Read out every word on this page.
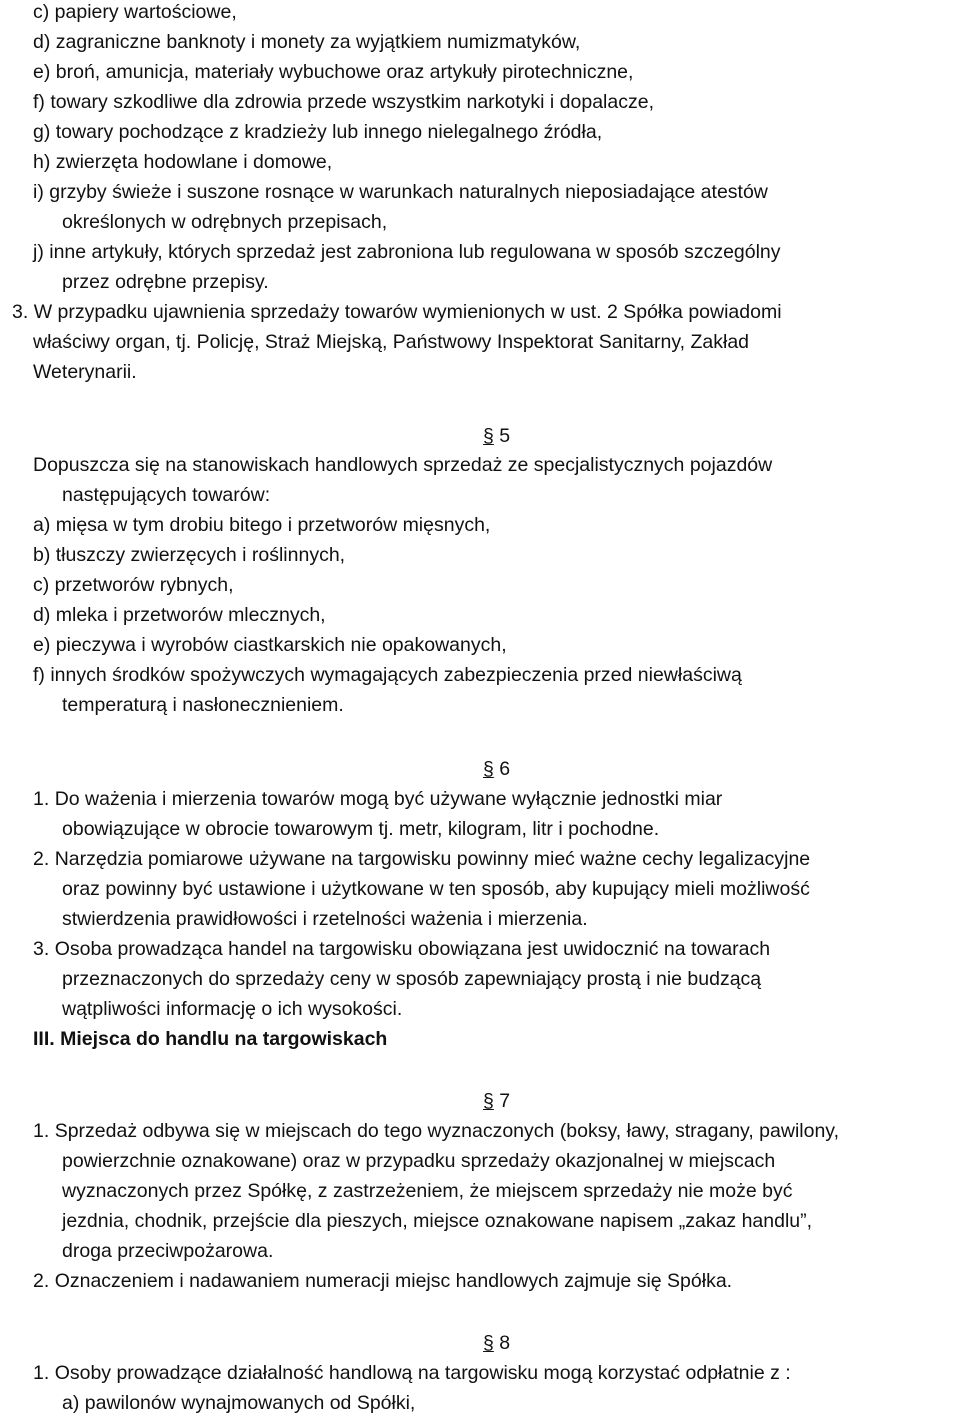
c) papiery wartościowe,
d) zagraniczne banknoty i monety za wyjątkiem numizmatyków,
e) broń, amunicja, materiały wybuchowe oraz artykuły pirotechniczne,
f) towary szkodliwe dla zdrowia przede wszystkim narkotyki i dopalacze,
g) towary pochodzące z kradzieży lub innego nielegalnego źródła,
h) zwierzęta hodowlane i domowe,
i) grzyby świeże i suszone rosnące w warunkach naturalnych nieposiadające atestów
określonych w odrębnych przepisach,
j) inne artykuły, których sprzedaż jest zabroniona lub regulowana w sposób szczególny
przez odrębne przepisy.
3. W przypadku ujawnienia sprzedaży towarów wymienionych w ust. 2 Spółka powiadomi
właściwy organ, tj. Policję, Straż Miejską, Państwowy Inspektorat Sanitarny, Zakład
Weterynarii.
§ 5
Dopuszcza się na stanowiskach handlowych sprzedaż ze specjalistycznych pojazdów
następujących towarów:
a) mięsa w tym drobiu bitego i przetworów mięsnych,
b) tłuszczy zwierzęcych i roślinnych,
c) przetworów rybnych,
d) mleka i przetworów mlecznych,
e) pieczywa i wyrobów ciastkarskich nie opakowanych,
f) innych środków spożywczych wymagających zabezpieczenia przed niewłaściwą
temperaturą i nasłonecznieniem.
§ 6
1. Do ważenia i mierzenia towarów mogą być używane wyłącznie jednostki miar
obowiązujące w obrocie towarowym tj. metr, kilogram, litr i pochodne.
2. Narzędzia pomiarowe używane na targowisku powinny mieć ważne cechy legalizacyjne
oraz powinny być ustawione i użytkowane w ten sposób, aby kupujący mieli możliwość
stwierdzenia prawidłowości i rzetelności ważenia i mierzenia.
3. Osoba prowadząca handel na targowisku obowiązana jest uwidocznić na towarach
przeznaczonych do sprzedaży ceny w sposób zapewniający prostą i nie budzącą
wątpliwości informację o ich wysokości.
III. Miejsca do handlu na targowiskach
§ 7
1. Sprzedaż odbywa się w miejscach do tego wyznaczonych (boksy, ławy, stragany, pawilony,
powierzchnie oznakowane) oraz w przypadku sprzedaży okazjonalnej w miejscach
wyznaczonych przez Spółkę, z zastrzeżeniem, że miejscem sprzedaży nie może być
jezdnia, chodnik, przejście dla pieszych, miejsce oznakowane napisem „zakaz handlu”,
droga przeciwpożarowa.
2. Oznaczeniem i nadawaniem numeracji miejsc handlowych zajmuje się Spółka.
§ 8
1. Osoby prowadzące działalność handlową na targowisku mogą korzystać odpłatnie z :
a) pawilonów wynajmowanych od Spółki,
